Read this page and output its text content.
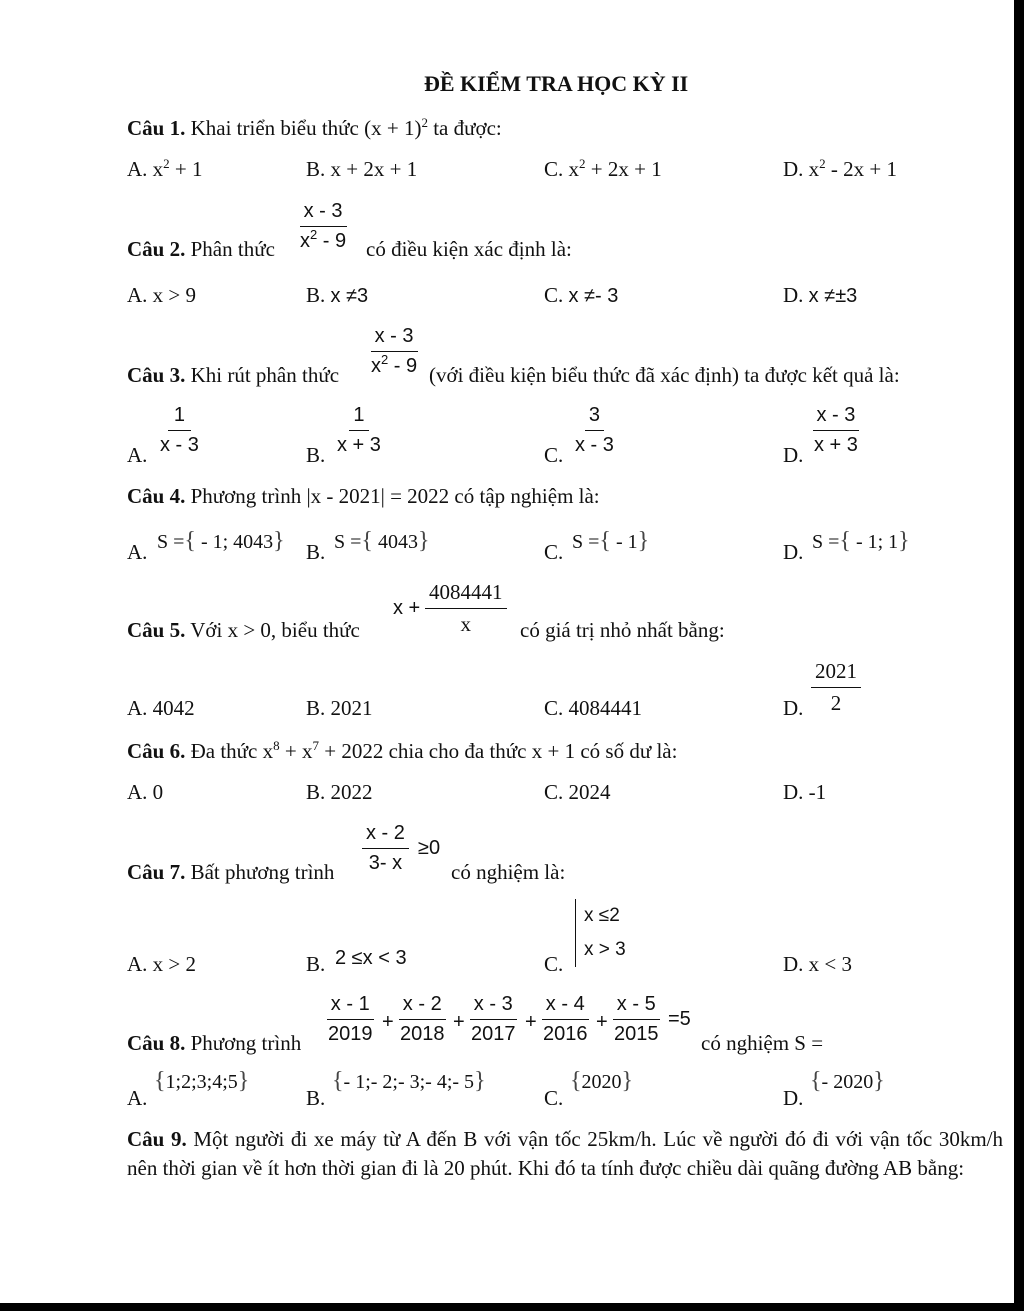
ĐỀ KIỂM TRA HỌC KỲ II
Câu 1. Khai triển biểu thức $(x + 1)^2$ ta được:
A. $x^2 + 1$	B. x + 2x + 1	C. $x^2 + 2x + 1$	D. $x^2 - 2x + 1$
Câu 2. Phân thức $\frac{x - 3}{x^2 - 9}$ có điều kiện xác định là:
A. x > 9	B. x ≠3	C. x ≠- 3	D. x ≠±3
Câu 3. Khi rút phân thức $\frac{x - 3}{x^2 - 9}$ (với điều kiện biểu thức đã xác định) ta được kết quả là:
A. $\frac{1}{x - 3}$	B. $\frac{1}{x + 3}$	C. $\frac{3}{x - 3}$	D. $\frac{x - 3}{x + 3}$
Câu 4. Phương trình |x - 2021| = 2022 có tập nghiệm là:
A. S ={ - 1; 4043} B. S ={ 4043}	C. S ={ - 1}	D. S ={ - 1; 1}
Câu 5. Với x > 0, biểu thức
$x + \frac{4084441}{x}$ có giá trị nhỏ nhất bằng:
A. 4042	B. 2021	C. 4084441	D. $\frac{2021}{2}$
Câu 6. Đa thức $x^8 + x^7 + 2022$ chia cho đa thức x + 1 có số dư là:
A. 0	B. 2022	C. 2024	D. -1
Câu 7. Bất phương trình $\frac{x - 2}{3- x} \ge 0$
có nghiệm là:
A. x > 2	B. 2 ≤x < 3	C.
x ≤2
x > 3
D. x < 3
Câu 8. Phương trình $\frac{x - 1}{2019} + \frac{x - 2}{2018} + \frac{x - 3}{2017} + \frac{x - 4}{2016} + \frac{x - 5}{2015} =5$
có nghiệm S =
A.
{1;2;3;4;5}
B.
{- 1;- 2;- 3;- 4;- 5}
C.
{2020}
D.
{- 2020}
Câu 9. Một người đi xe máy từ A đến B với vận tốc 25km/h. Lúc về người đó đi với vận tốc 30km/h nên thời gian về ít hơn thời gian đi là 20 phút. Khi đó ta tính được chiều dài quãng đường AB bằng:
